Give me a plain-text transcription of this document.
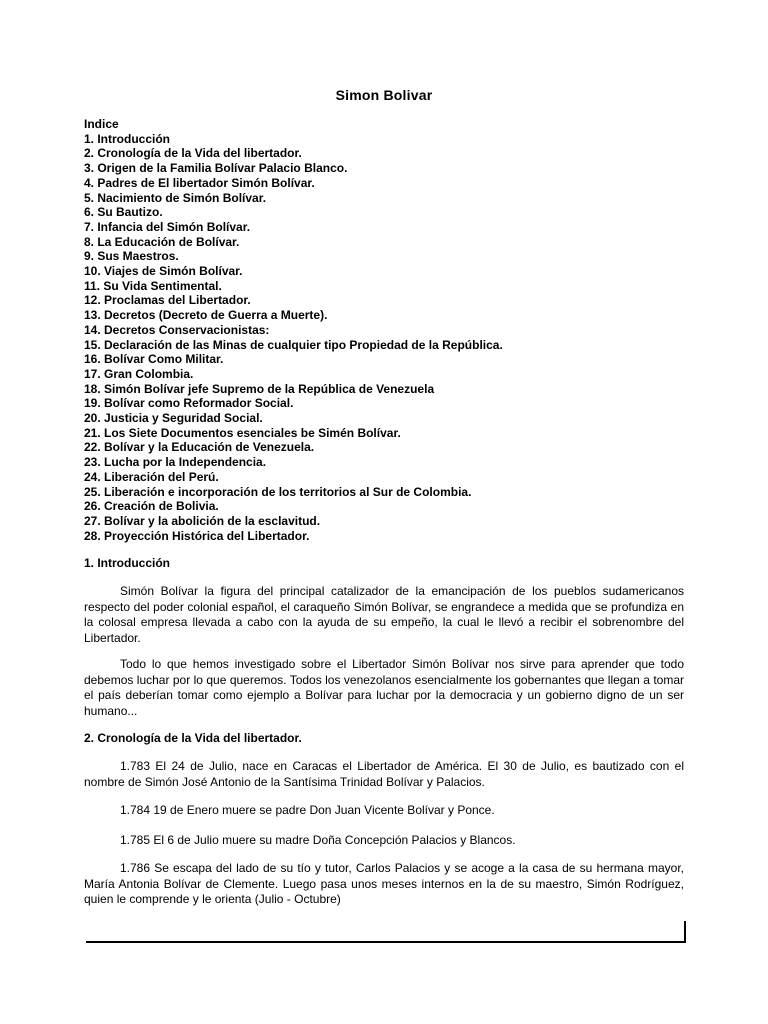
Simon Bolivar
Indice
1. Introducción
2. Cronología de la Vida del libertador.
3. Origen de la Familia Bolívar Palacio Blanco.
4. Padres de El libertador Simón Bolívar.
5. Nacimiento de Simón Bolívar.
6. Su Bautizo.
7. Infancia del Simón Bolívar.
8. La Educación de Bolívar.
9. Sus Maestros.
10. Viajes de Simón Bolívar.
11. Su Vida Sentimental.
12. Proclamas del Libertador.
13. Decretos (Decreto de Guerra a Muerte).
14. Decretos Conservacionistas:
15. Declaración de las Minas de cualquier tipo Propiedad de la República.
16. Bolívar Como Militar.
17. Gran Colombia.
18. Simón Bolívar jefe Supremo de la República de Venezuela
19. Bolívar como Reformador Social.
20. Justicia y Seguridad Social.
21. Los Siete Documentos esenciales be Simén Bolívar.
22. Bolívar y la Educación de Venezuela.
23. Lucha por la Independencia.
24. Liberación del Perú.
25. Liberación e incorporación de los territorios al Sur de Colombia.
26. Creación de Bolivia.
27. Bolívar y la abolición de la esclavitud.
28. Proyección Histórica del Libertador.
1. Introducción

Simón Bolívar la figura del principal catalizador de la emancipación de los pueblos sudamericanos respecto del poder colonial español, el caraqueño Simón Bolívar, se engrandece a medida que se profundiza en la colosal empresa llevada a cabo con la ayuda de su empeño, la cual le llevó a recibir el sobrenombre del Libertador.

Todo lo que hemos investigado sobre el Libertador Simón Bolívar nos sirve para aprender que todo debemos luchar por lo que queremos. Todos los venezolanos esencialmente los gobernantes que llegan a tomar el país deberían tomar como ejemplo a Bolívar para luchar por la democracia y un gobierno digno de un ser humano...

2. Cronología de la Vida del libertador.

1.783 El 24 de Julio, nace en Caracas el Libertador de América. El 30 de Julio, es bautizado con el nombre de Simón José Antonio de la Santísima Trinidad Bolívar y Palacios.

1.784 19 de Enero muere se padre Don Juan Vicente Bolívar y Ponce.

1.785 El 6 de Julio muere su madre Doña Concepción Palacios y Blancos.

1.786 Se escapa del lado de su tío y tutor, Carlos Palacios y se acoge a la casa de su hermana mayor, María Antonia Bolívar de Clemente. Luego pasa unos meses internos en la de su maestro, Simón Rodríguez, quien le comprende y le orienta (Julio - Octubre)
